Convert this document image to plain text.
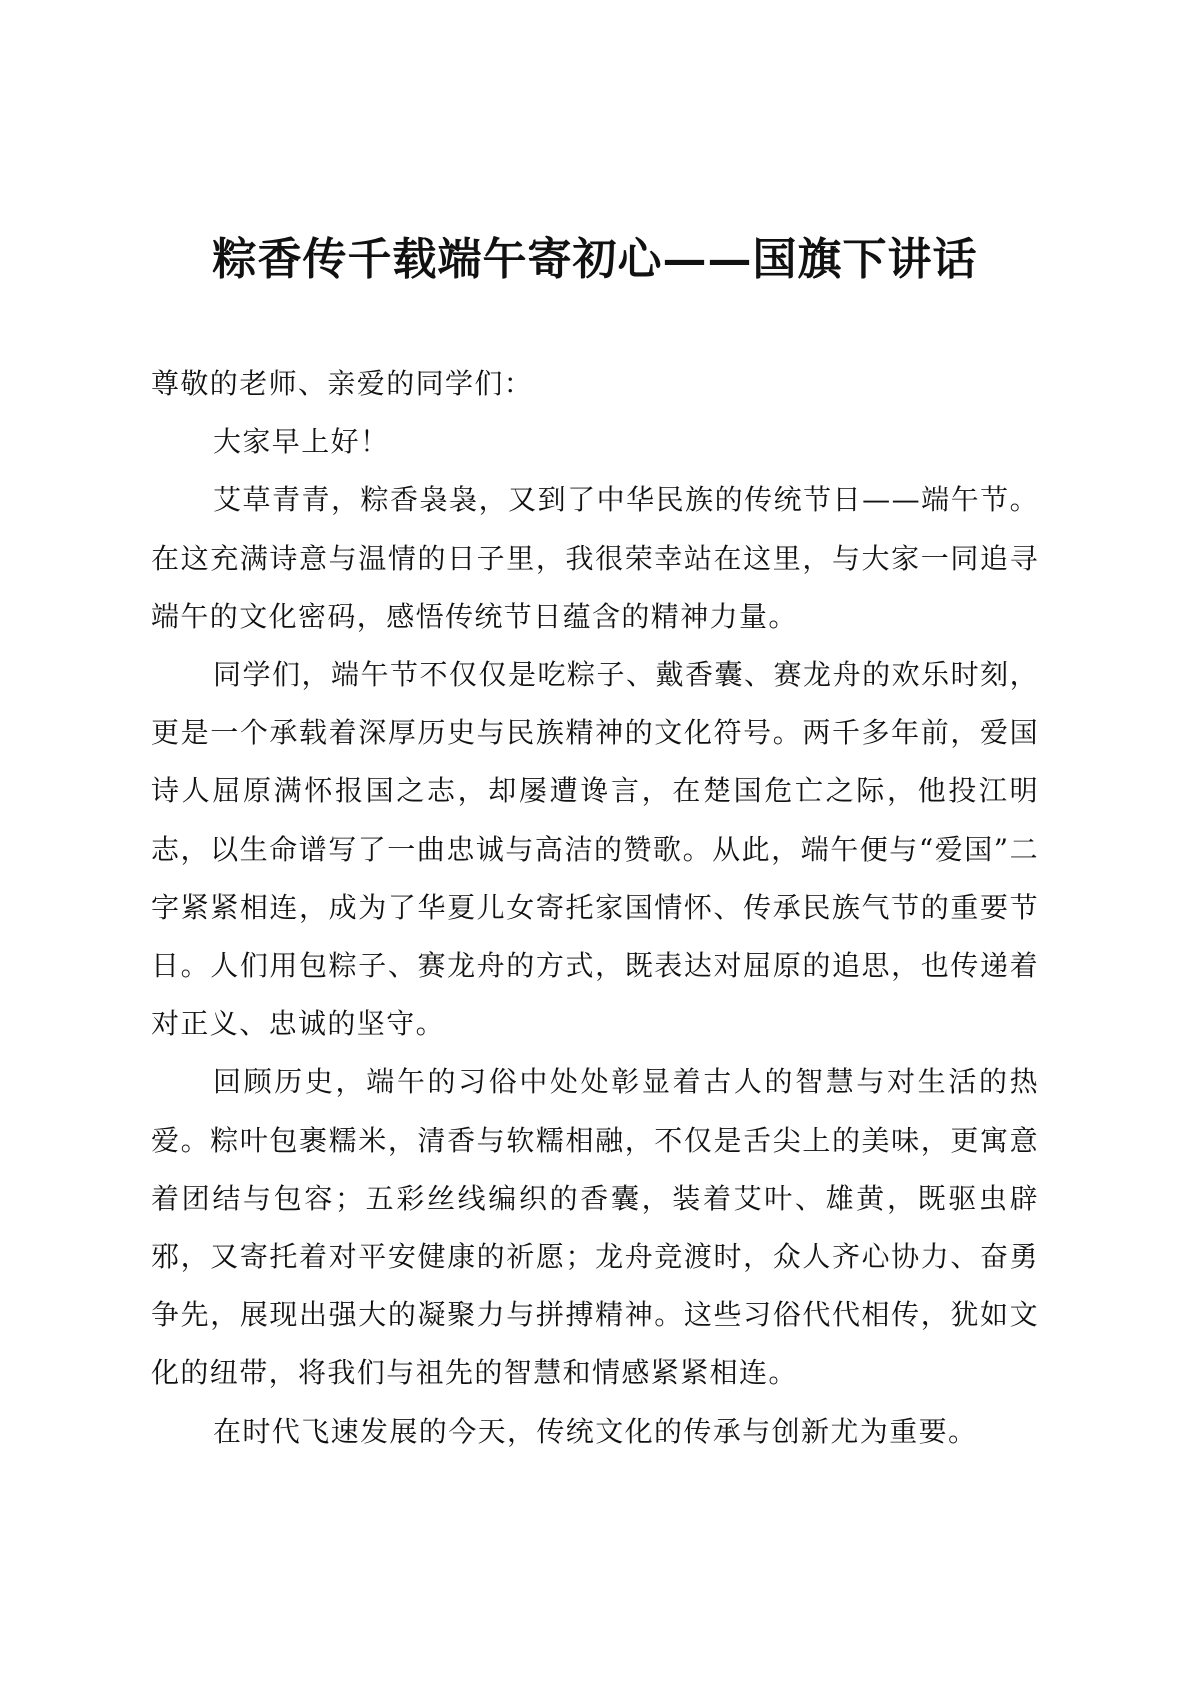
粽香传千载端午寄初心——国旗下讲话

尊敬的老师、亲爱的同学们：

大家早上好！

艾草青青，粽香袅袅，又到了中华民族的传统节日——端午节。在这充满诗意与温情的日子里，我很荣幸站在这里，与大家一同追寻端午的文化密码，感悟传统节日蕴含的精神力量。

同学们，端午节不仅仅是吃粽子、戴香囊、赛龙舟的欢乐时刻，更是一个承载着深厚历史与民族精神的文化符号。两千多年前，爱国诗人屈原满怀报国之志，却屡遭谗言，在楚国危亡之际，他投江明志，以生命谱写了一曲忠诚与高洁的赞歌。从此，端午便与“爱国”二字紧紧相连，成为了华夏儿女寄托家国情怀、传承民族气节的重要节日。人们用包粽子、赛龙舟的方式，既表达对屈原的追思，也传递着对正义、忠诚的坚守。

回顾历史，端午的习俗中处处彰显着古人的智慧与对生活的热爱。粽叶包裹糯米，清香与软糯相融，不仅是舌尖上的美味，更寓意着团结与包容；五彩丝线编织的香囊，装着艾叶、雄黄，既驱虫辟邪，又寄托着对平安健康的祈愿；龙舟竞渡时，众人齐心协力、奋勇争先，展现出强大的凝聚力与拼搏精神。这些习俗代代相传，犹如文化的纽带，将我们与祖先的智慧和情感紧紧相连。

在时代飞速发展的今天，传统文化的传承与创新尤为重要。
